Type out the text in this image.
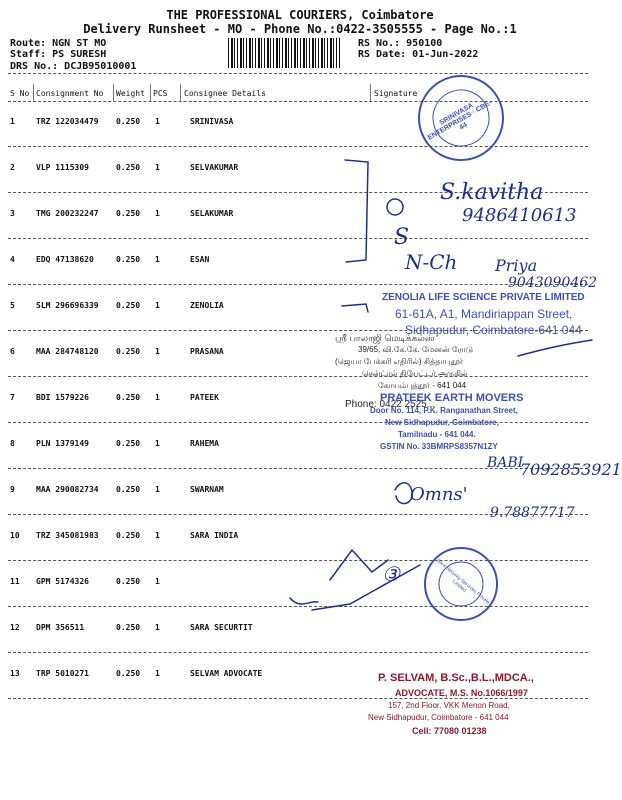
THE PROFESSIONAL COURIERS, Coimbatore
Delivery Runsheet - MO - Phone No.:0422-3505555 - Page No.:1
Route: NGN ST MO
Staff: PS SURESH
DRS No.: DCJB95010001
RS No.: 950100
RS Date: 01-Jun-2022
S No Consignment No Weight PCS Consignee Details	Signature
1	TRZ 122034479 0.250 1	SRINIVASA
2	VLP 1115309	0.250 1	SELVAKUMAR
3	TMG 200232247 0.250 1	SELAKUMAR
4	EDQ 47138620	0.250 1	ESAN
5	SLM 296696339 0.250 1	ZENOLIA
6	MAA 284748120 0.250 1	PRASANA
7	BDI 1579226	0.250 1	PATEEK
8	PLN 1379149	0.250 1	RAHEMA
9	MAA 290082734 0.250 1	SWARNAM
10 TRZ 345081983 0.250 1	SARA INDIA
11 GPM 5174326	0.250 1
12 DPM 356511	0.250 1	SARA SECURTIT
13 TRP 5010271	0.250 1	SELVAM ADVOCATE
S.kavitha
9486410613
S
N-Ch Priya
9043090462
BABI
7092853921
Omns'
9.78877717
③
SRINIVASA ENTERPRISES · CBE-44
ZENOLIA LIFE SCIENCE PRIVATE LIMITED
61-61A, A1, Mandiriappan Street,
Sidhapudur, Coimbatore-641 044
ஸ்ரீ பாலாஜி மெடிக்கல்ஸ்
39/65, வி.கே.கே. மேனன் ரோடு
(ஜெயா பேக்கரி எதிரில்) சித்தாபுதூர்
சென்ட்ரல் தியேட்டர் அருகில்
கோயம்புத்தூர் - 641 044
Phone: 0422 2525...
PRATEEK EARTH MOVERS
Door No. 114, P.K. Ranganathan Street,
New Sidhapudur, Coimbatore,
Tamilnadu - 641 044.
GSTIN No. 33BMRPS8357N1ZY
Sara Security Services Private Limited
P. SELVAM, B.Sc.,B.L.,MDCA.,
ADVOCATE, M.S. No.1066/1997
157, 2nd Floor, VKK Menon Road,
New Sidhapudur, Coimbatore - 641 044
Cell: 77080 01238
